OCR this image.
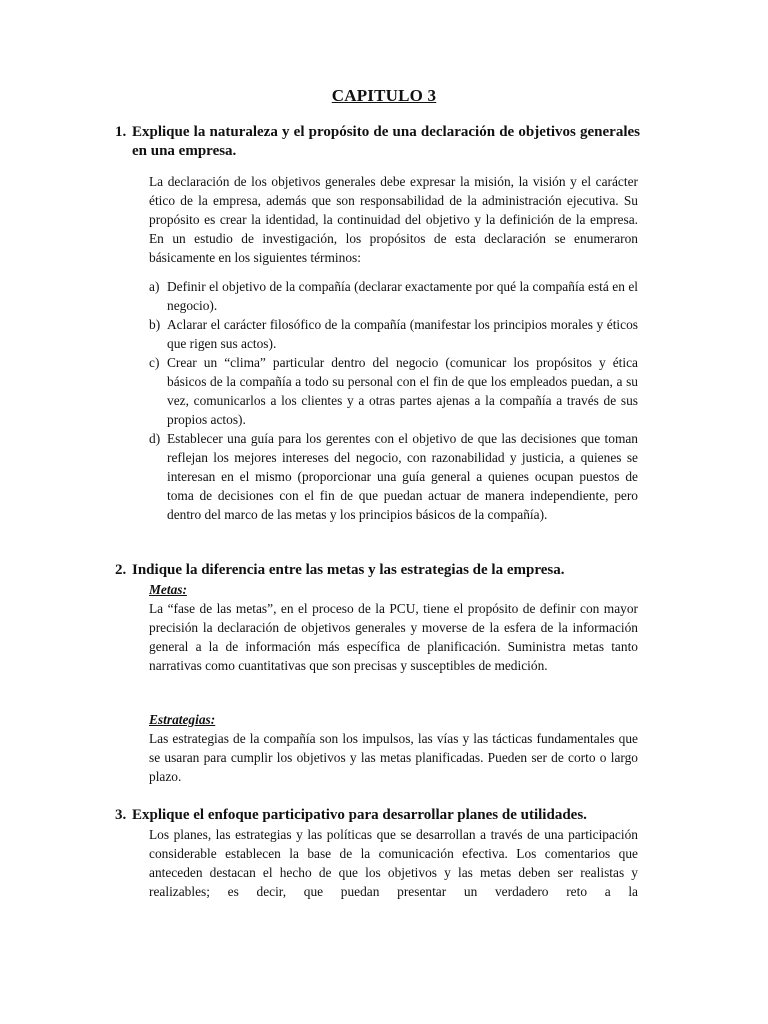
CAPITULO 3
1. Explique la naturaleza y el propósito de una declaración de objetivos generales en una empresa.
La declaración de los objetivos generales debe expresar la misión, la visión y el carácter ético de la empresa, además que son responsabilidad de la administración ejecutiva. Su propósito es crear la identidad, la continuidad del objetivo y la definición de la empresa. En un estudio de investigación, los propósitos de esta declaración se enumeraron básicamente en los siguientes términos:
a) Definir el objetivo de la compañía (declarar exactamente por qué la compañía está en el negocio).
b) Aclarar el carácter filosófico de la compañía (manifestar los principios morales y éticos que rigen sus actos).
c) Crear un “clima” particular dentro del negocio (comunicar los propósitos y ética básicos de la compañía a todo su personal con el fin de que los empleados puedan, a su vez, comunicarlos a los clientes y a otras partes ajenas a la compañía a través de sus propios actos).
d) Establecer una guía para los gerentes con el objetivo de que las decisiones que toman reflejan los mejores intereses del negocio, con razonabilidad y justicia, a quienes se interesan en el mismo (proporcionar una guía general a quienes ocupan puestos de toma de decisiones con el fin de que puedan actuar de manera independiente, pero dentro del marco de las metas y los principios básicos de la compañía).
2. Indique la diferencia entre las metas y las estrategias de la empresa.
Metas:
La “fase de las metas”, en el proceso de la PCU, tiene el propósito de definir con mayor precisión la declaración de objetivos generales y moverse de la esfera de la información general a la de información más específica de planificación. Suministra metas tanto narrativas como cuantitativas que son precisas y susceptibles de medición.
Estrategias:
Las estrategias de la compañía son los impulsos, las vías y las tácticas fundamentales que se usaran para cumplir los objetivos y las metas planificadas. Pueden ser de corto o largo plazo.
3. Explique el enfoque participativo para desarrollar planes de utilidades.
Los planes, las estrategias y las políticas que se desarrollan a través de una participación considerable establecen la base de la comunicación efectiva. Los comentarios que anteceden destacan el hecho de que los objetivos y las metas deben ser realistas y realizables; es decir, que puedan presentar un verdadero reto a la
